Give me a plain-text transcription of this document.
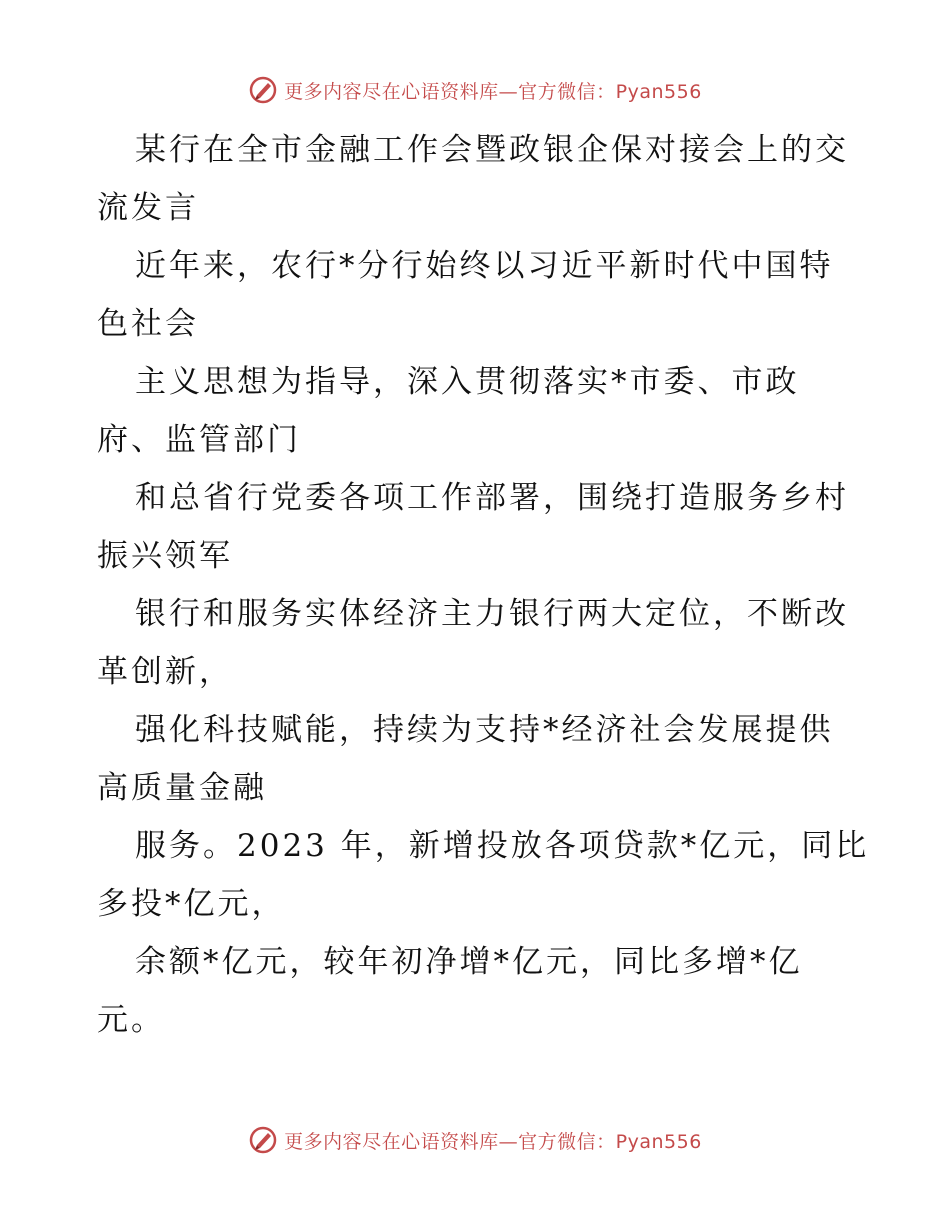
更多内容尽在心语资料库—官方微信：Pyan556
某行在全市金融工作会暨政银企保对接会上的交
流发言
近年来，农行*分行始终以习近平新时代中国特
色社会
主义思想为指导，深入贯彻落实*市委、市政
府、监管部门
和总省行党委各项工作部署，围绕打造服务乡村
振兴领军
银行和服务实体经济主力银行两大定位，不断改
革创新，
强化科技赋能，持续为支持*经济社会发展提供
高质量金融
服务。2023 年，新增投放各项贷款*亿元，同比
多投*亿元，
余额*亿元，较年初净增*亿元，同比多增*亿
元。
更多内容尽在心语资料库—官方微信：Pyan556
